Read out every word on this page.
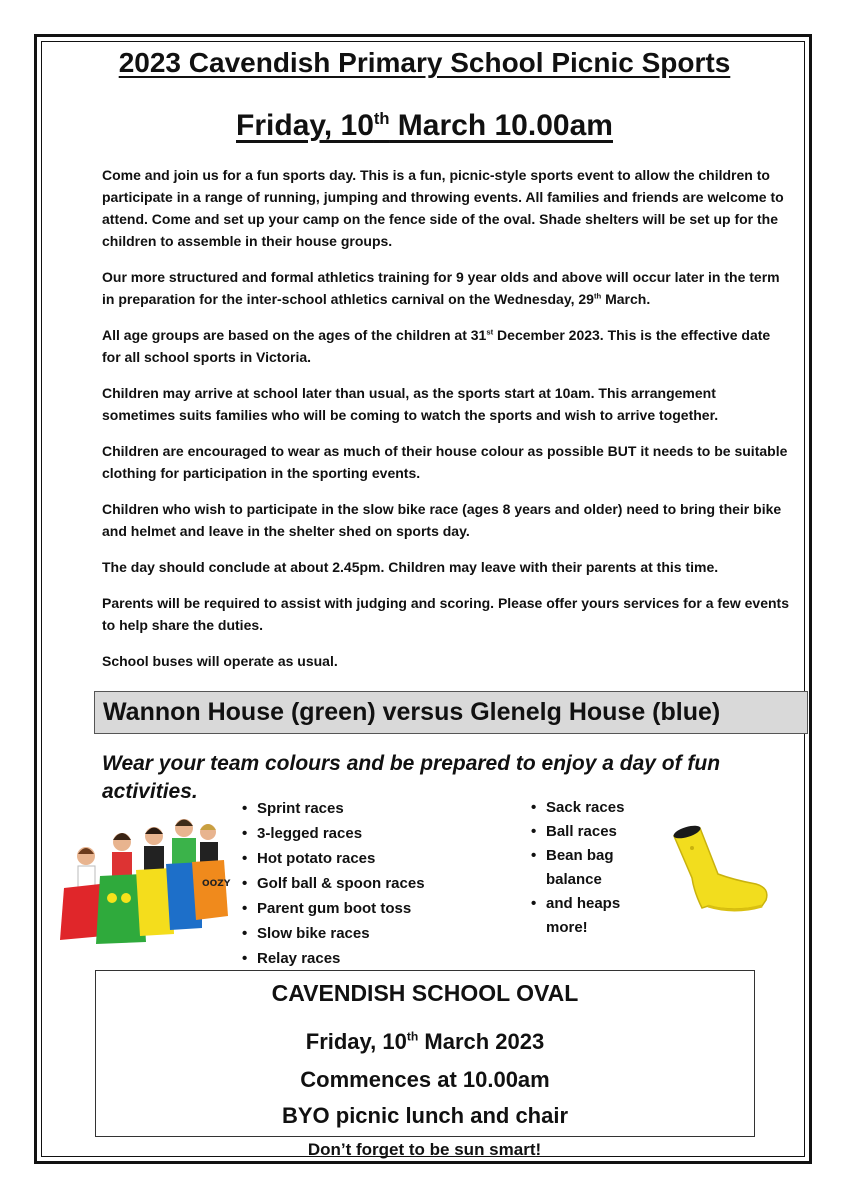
2023 Cavendish Primary School Picnic Sports
Friday, 10th March 10.00am

Come and join us for a fun sports day. This is a fun, picnic-style sports event to allow the children to participate in a range of running, jumping and throwing events. All families and friends are welcome to attend. Come and set up your camp on the fence side of the oval. Shade shelters will be set up for the children to assemble in their house groups.

Our more structured and formal athletics training for 9 year olds and above will occur later in the term in preparation for the inter-school athletics carnival on the Wednesday, 29th March.

All age groups are based on the ages of the children at 31st December 2023. This is the effective date for all school sports in Victoria.

Children may arrive at school later than usual, as the sports start at 10am. This arrangement sometimes suits families who will be coming to watch the sports and wish to arrive together.

Children are encouraged to wear as much of their house colour as possible BUT it needs to be suitable clothing for participation in the sporting events.

Children who wish to participate in the slow bike race (ages 8 years and older) need to bring their bike and helmet and leave in the shelter shed on sports day.

The day should conclude at about 2.45pm. Children may leave with their parents at this time.

Parents will be required to assist with judging and scoring. Please offer yours services for a few events to help share the duties.

School buses will operate as usual.

Wannon House (green) versus Glenelg House (blue)
Wear your team colours and be prepared to enjoy a day of fun activities.
OOZY
• Sprint races
• 3-legged races
• Hot potato races
• Golf ball & spoon races
• Parent gum boot toss
• Slow bike races
• Relay races
• Sack races
• Ball races
• Bean bag balance
• and heaps more!
CAVENDISH SCHOOL OVAL
Friday, 10th March 2023
Commences at 10.00am
BYO picnic lunch and chair
Don’t forget to be sun smart!
